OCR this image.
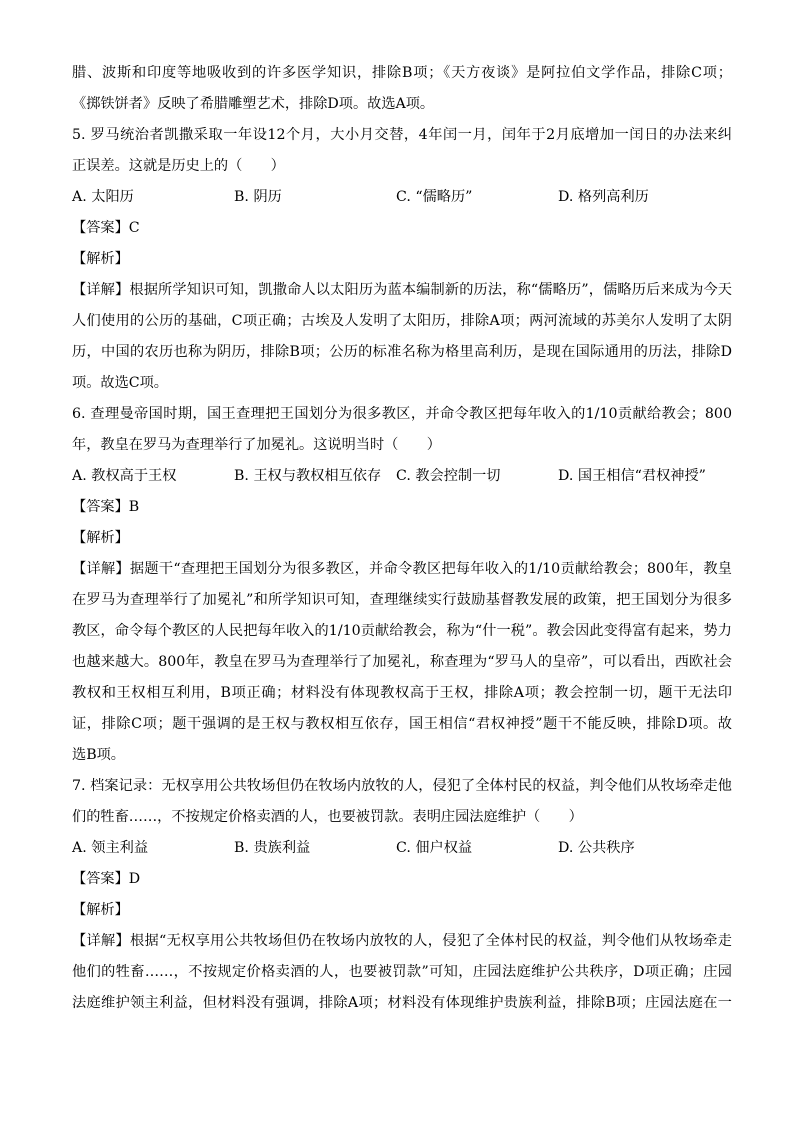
腊、波斯和印度等地吸收到的许多医学知识，排除B项；《天方夜谈》是阿拉伯文学作品，排除C项；
《掷铁饼者》反映了希腊雕塑艺术，排除D项。故选A项。
5. 罗马统治者凯撒采取一年设12个月，大小月交替，4年闰一月，闰年于2月底增加一闰日的办法来纠
正误差。这就是历史上的（　　）
A. 太阳历	B. 阴历	C. “儒略历”	D. 格列高利历
【答案】C
【解析】
【详解】根据所学知识可知，凯撒命人以太阳历为蓝本编制新的历法，称“儒略历”，儒略历后来成为今天
人们使用的公历的基础，C项正确；古埃及人发明了太阳历，排除A项；两河流域的苏美尔人发明了太阴
历，中国的农历也称为阴历，排除B项；公历的标准名称为格里高利历，是现在国际通用的历法，排除D
项。故选C项。
6. 查理曼帝国时期，国王查理把王国划分为很多教区，并命令教区把每年收入的1/10贡献给教会；800
年，教皇在罗马为查理举行了加冕礼。这说明当时（　　）
A. 教权高于王权	B. 王权与教权相互依存	C. 教会控制一切	D. 国王相信“君权神授”
【答案】B
【解析】
【详解】据题干“查理把王国划分为很多教区，并命令教区把每年收入的1/10贡献给教会；800年，教皇
在罗马为查理举行了加冕礼”和所学知识可知，查理继续实行鼓励基督教发展的政策，把王国划分为很多
教区，命令每个教区的人民把每年收入的1/10贡献给教会，称为“什一税”。教会因此变得富有起来，势力
也越来越大。800年，教皇在罗马为查理举行了加冕礼，称查理为“罗马人的皇帝”，可以看出，西欧社会
教权和王权相互利用，B项正确；材料没有体现教权高于王权，排除A项；教会控制一切，题干无法印
证，排除C项；题干强调的是王权与教权相互依存，国王相信“君权神授”题干不能反映，排除D项。故
选B项。
7. 档案记录：无权享用公共牧场但仍在牧场内放牧的人，侵犯了全体村民的权益，判令他们从牧场牵走他
们的牲畜……，不按规定价格卖酒的人，也要被罚款。表明庄园法庭维护（　　）
A. 领主利益	B. 贵族利益	C. 佃户权益	D. 公共秩序
【答案】D
【解析】
【详解】根据“无权享用公共牧场但仍在牧场内放牧的人，侵犯了全体村民的权益，判令他们从牧场牵走
他们的牲畜……，不按规定价格卖酒的人，也要被罚款”可知，庄园法庭维护公共秩序，D项正确；庄园
法庭维护领主利益，但材料没有强调，排除A项；材料没有体现维护贵族利益，排除B项；庄园法庭在一
